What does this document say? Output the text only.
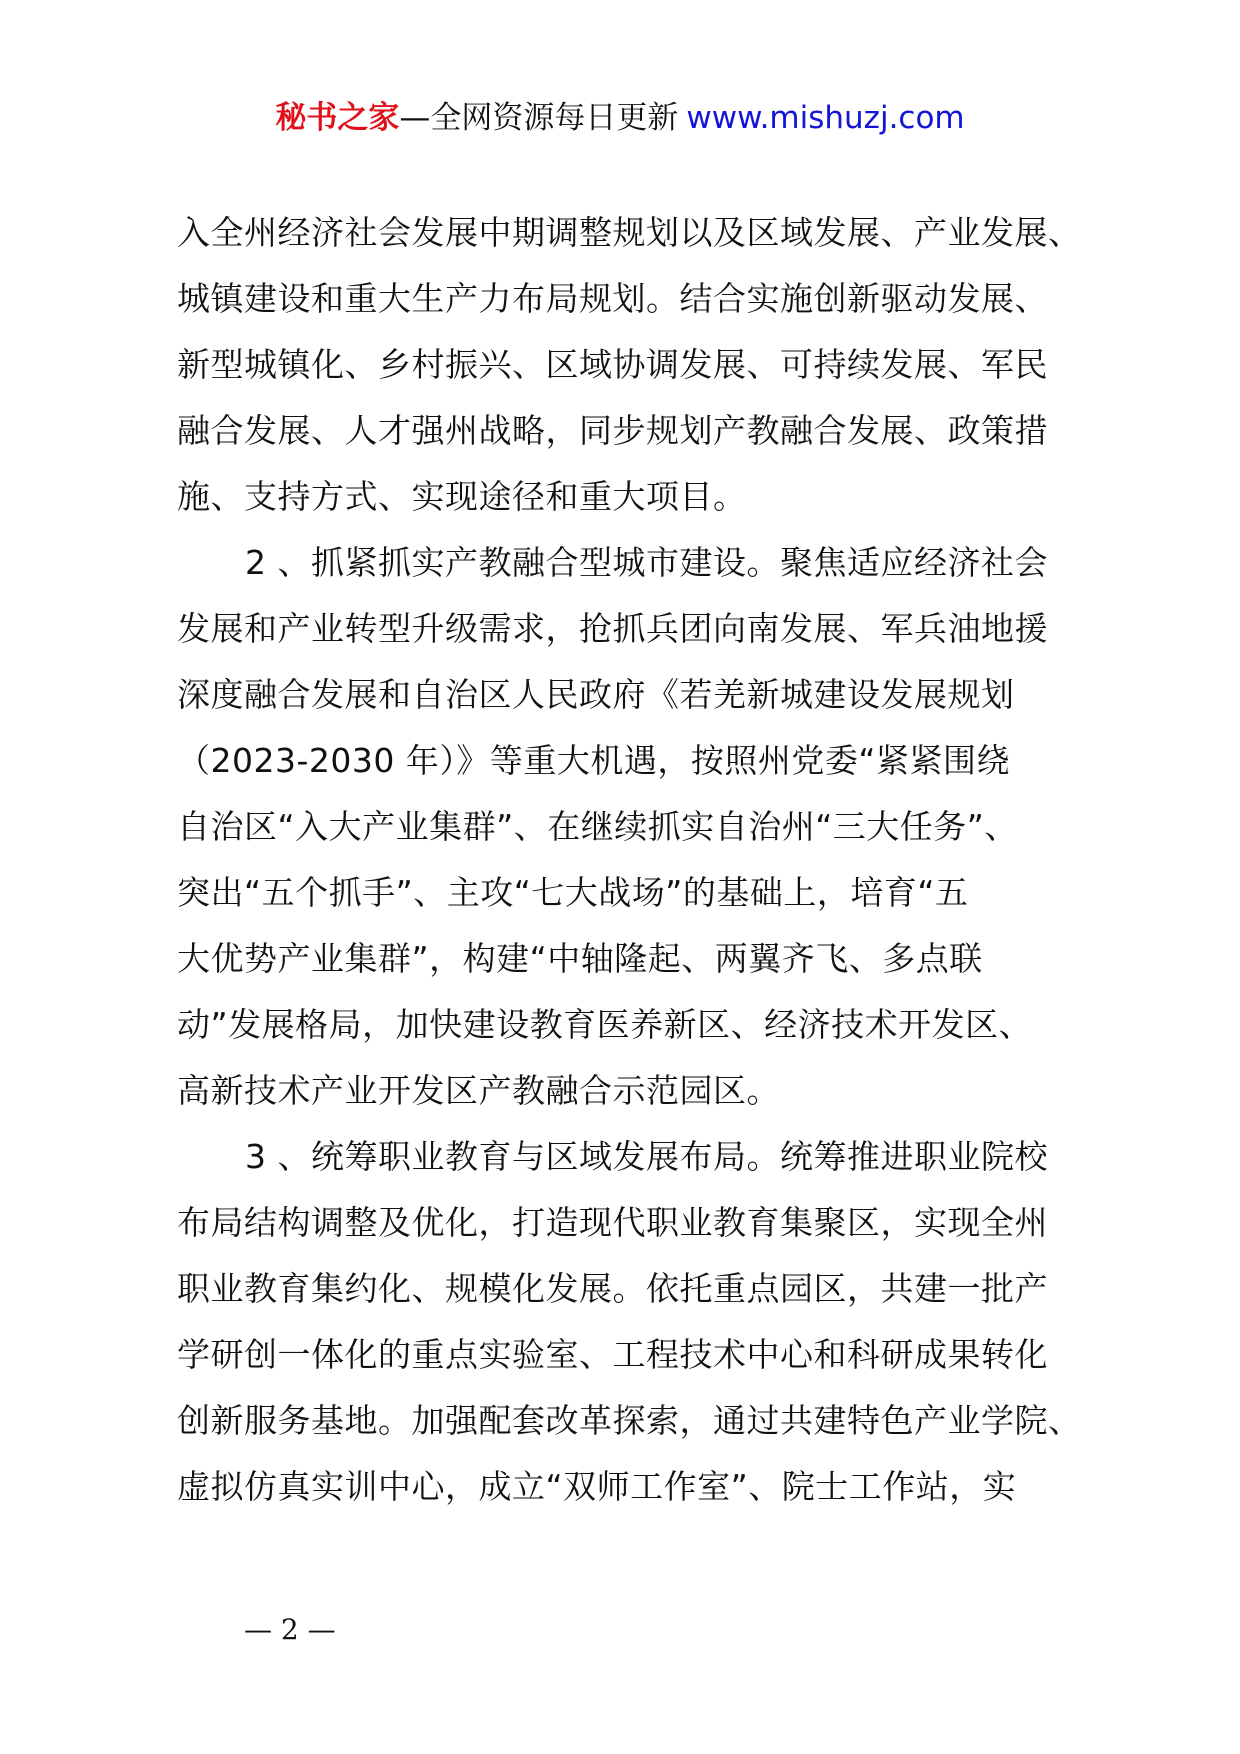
秘书之家—全网资源每日更新 www.mishuzj.com
入全州经济社会发展中期调整规划以及区域发展、产业发展、
城镇建设和重大生产力布局规划。结合实施创新驱动发展、
新型城镇化、乡村振兴、区域协调发展、可持续发展、军民
融合发展、人才强州战略，同步规划产教融合发展、政策措
施、支持方式、实现途径和重大项目。
2 、抓紧抓实产教融合型城市建设。聚焦适应经济社会
发展和产业转型升级需求，抢抓兵团向南发展、军兵油地援
深度融合发展和自治区人民政府《若羌新城建设发展规划
（2023-2030 年）》等重大机遇，按照州党委“紧紧围绕
自治区“入大产业集群”、在继续抓实自治州“三大任务”、
突出“五个抓手”、主攻“七大战场”的基础上，培育“五
大优势产业集群”，构建“中轴隆起、两翼齐飞、多点联
动”发展格局，加快建设教育医养新区、经济技术开发区、
高新技术产业开发区产教融合示范园区。
3 、统筹职业教育与区域发展布局。统筹推进职业院校
布局结构调整及优化，打造现代职业教育集聚区，实现全州
职业教育集约化、规模化发展。依托重点园区，共建一批产
学研创一体化的重点实验室、工程技术中心和科研成果转化
创新服务基地。加强配套改革探索，通过共建特色产业学院、
虚拟仿真实训中心，成立“双师工作室”、院士工作站，实
— 2 —
